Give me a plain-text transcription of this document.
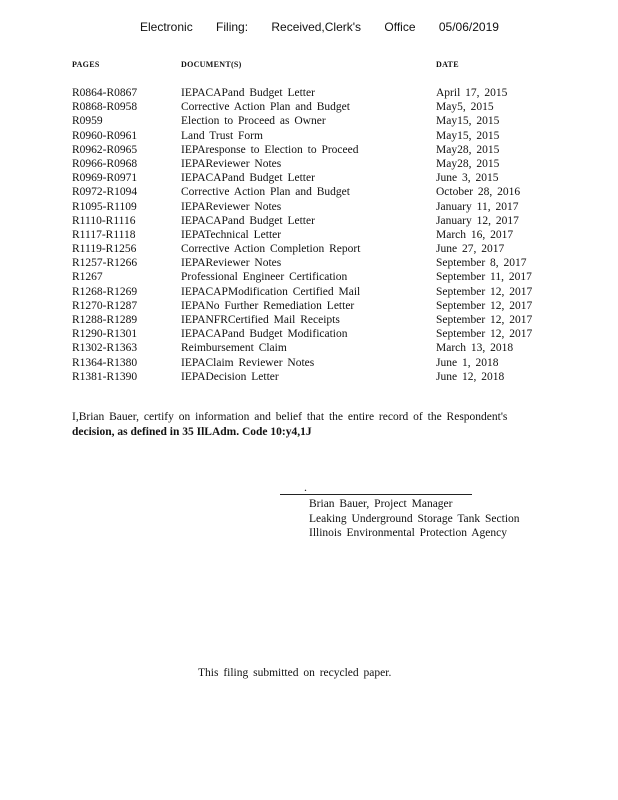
Electronic Filing: Received,Clerk's Office 05/06/2019
PAGES	DOCUMENT(S)	DATE
R0864-R0867	IEPACAPand Budget Letter	April 17, 2015
R0868-R0958	Corrective Action Plan and Budget	May5, 2015
R0959	Election to Proceed as Owner	May15, 2015
R0960-R0961	Land Trust Form	May15, 2015
R0962-R0965	IEPAresponse to Election to Proceed	May28, 2015
R0966-R0968	IEPAReviewer Notes	May28, 2015
R0969-R0971	IEPACAPand Budget Letter	June 3, 2015
R0972-R1094	Corrective Action Plan and Budget	October 28, 2016
R1095-R1109	IEPAReviewer Notes	January 11, 2017
R1110-R1116	IEPACAPand Budget Letter	January 12, 2017
R1117-R1118	IEPATechnical Letter	March 16, 2017
R1119-R1256	Corrective Action Completion Report	June 27, 2017
R1257-R1266	IEPAReviewer Notes	September 8, 2017
R1267	Professional Engineer Certification	September 11, 2017
R1268-R1269	IEPACAPModification Certified Mail	September 12, 2017
R1270-R1287	IEPANo Further Remediation Letter	September 12, 2017
R1288-R1289	IEPANFRCertified Mail Receipts	September 12, 2017
R1290-R1301	IEPACAPand Budget Modification	September 12, 2017
R1302-R1363	Reimbursement Claim	March 13, 2018
R1364-R1380	IEPAClaim Reviewer Notes	June 1, 2018
R1381-R1390	IEPADecision Letter	June 12, 2018
I,Brian Bauer, certify on information and belief that the entire record of the Respondent's
decision, as defined in 35 IlLAdm. Code 10:y4,1J
.
Brian Bauer, Project Manager
Leaking Underground Storage Tank Section
Illinois Environmental Protection Agency
This filing submitted on recycled paper.
